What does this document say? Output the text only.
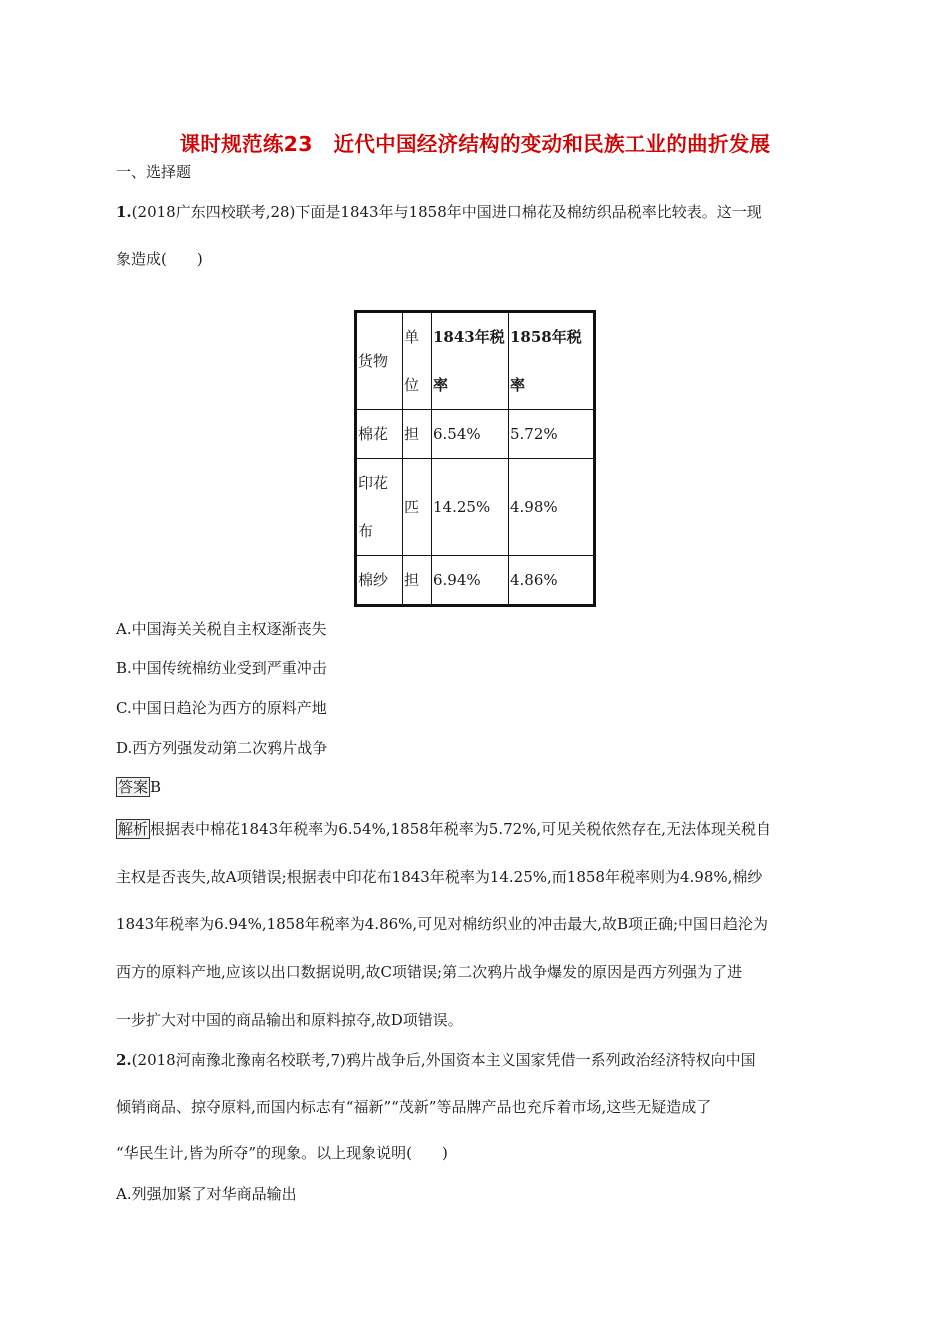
课时规范练23　近代中国经济结构的变动和民族工业的曲折发展
一、选择题
1.(2018广东四校联考,28)下面是1843年与1858年中国进口棉花及棉纺织品税率比较表。这一现
象造成(　　)
货物	单位	1843年税率	1858年税率
棉花	担	6.54%	5.72%
印花布	匹	14.25%	4.98%
棉纱	担	6.94%	4.86%
A.中国海关关税自主权逐渐丧失
B.中国传统棉纺业受到严重冲击
C.中国日趋沦为西方的原料产地
D.西方列强发动第二次鸦片战争
答案 B
解析 根据表中棉花1843年税率为6.54%,1858年税率为5.72%,可见关税依然存在,无法体现关税自
主权是否丧失,故A项错误;根据表中印花布1843年税率为14.25%,而1858年税率则为4.98%,棉纱
1843年税率为6.94%,1858年税率为4.86%,可见对棉纺织业的冲击最大,故B项正确;中国日趋沦为
西方的原料产地,应该以出口数据说明,故C项错误;第二次鸦片战争爆发的原因是西方列强为了进
一步扩大对中国的商品输出和原料掠夺,故D项错误。
2.(2018河南豫北豫南名校联考,7)鸦片战争后,外国资本主义国家凭借一系列政治经济特权向中国
倾销商品、掠夺原料,而国内标志有“福新”“茂新”等品牌产品也充斥着市场,这些无疑造成了
“华民生计,皆为所夺”的现象。以上现象说明(　　)
A.列强加紧了对华商品输出
